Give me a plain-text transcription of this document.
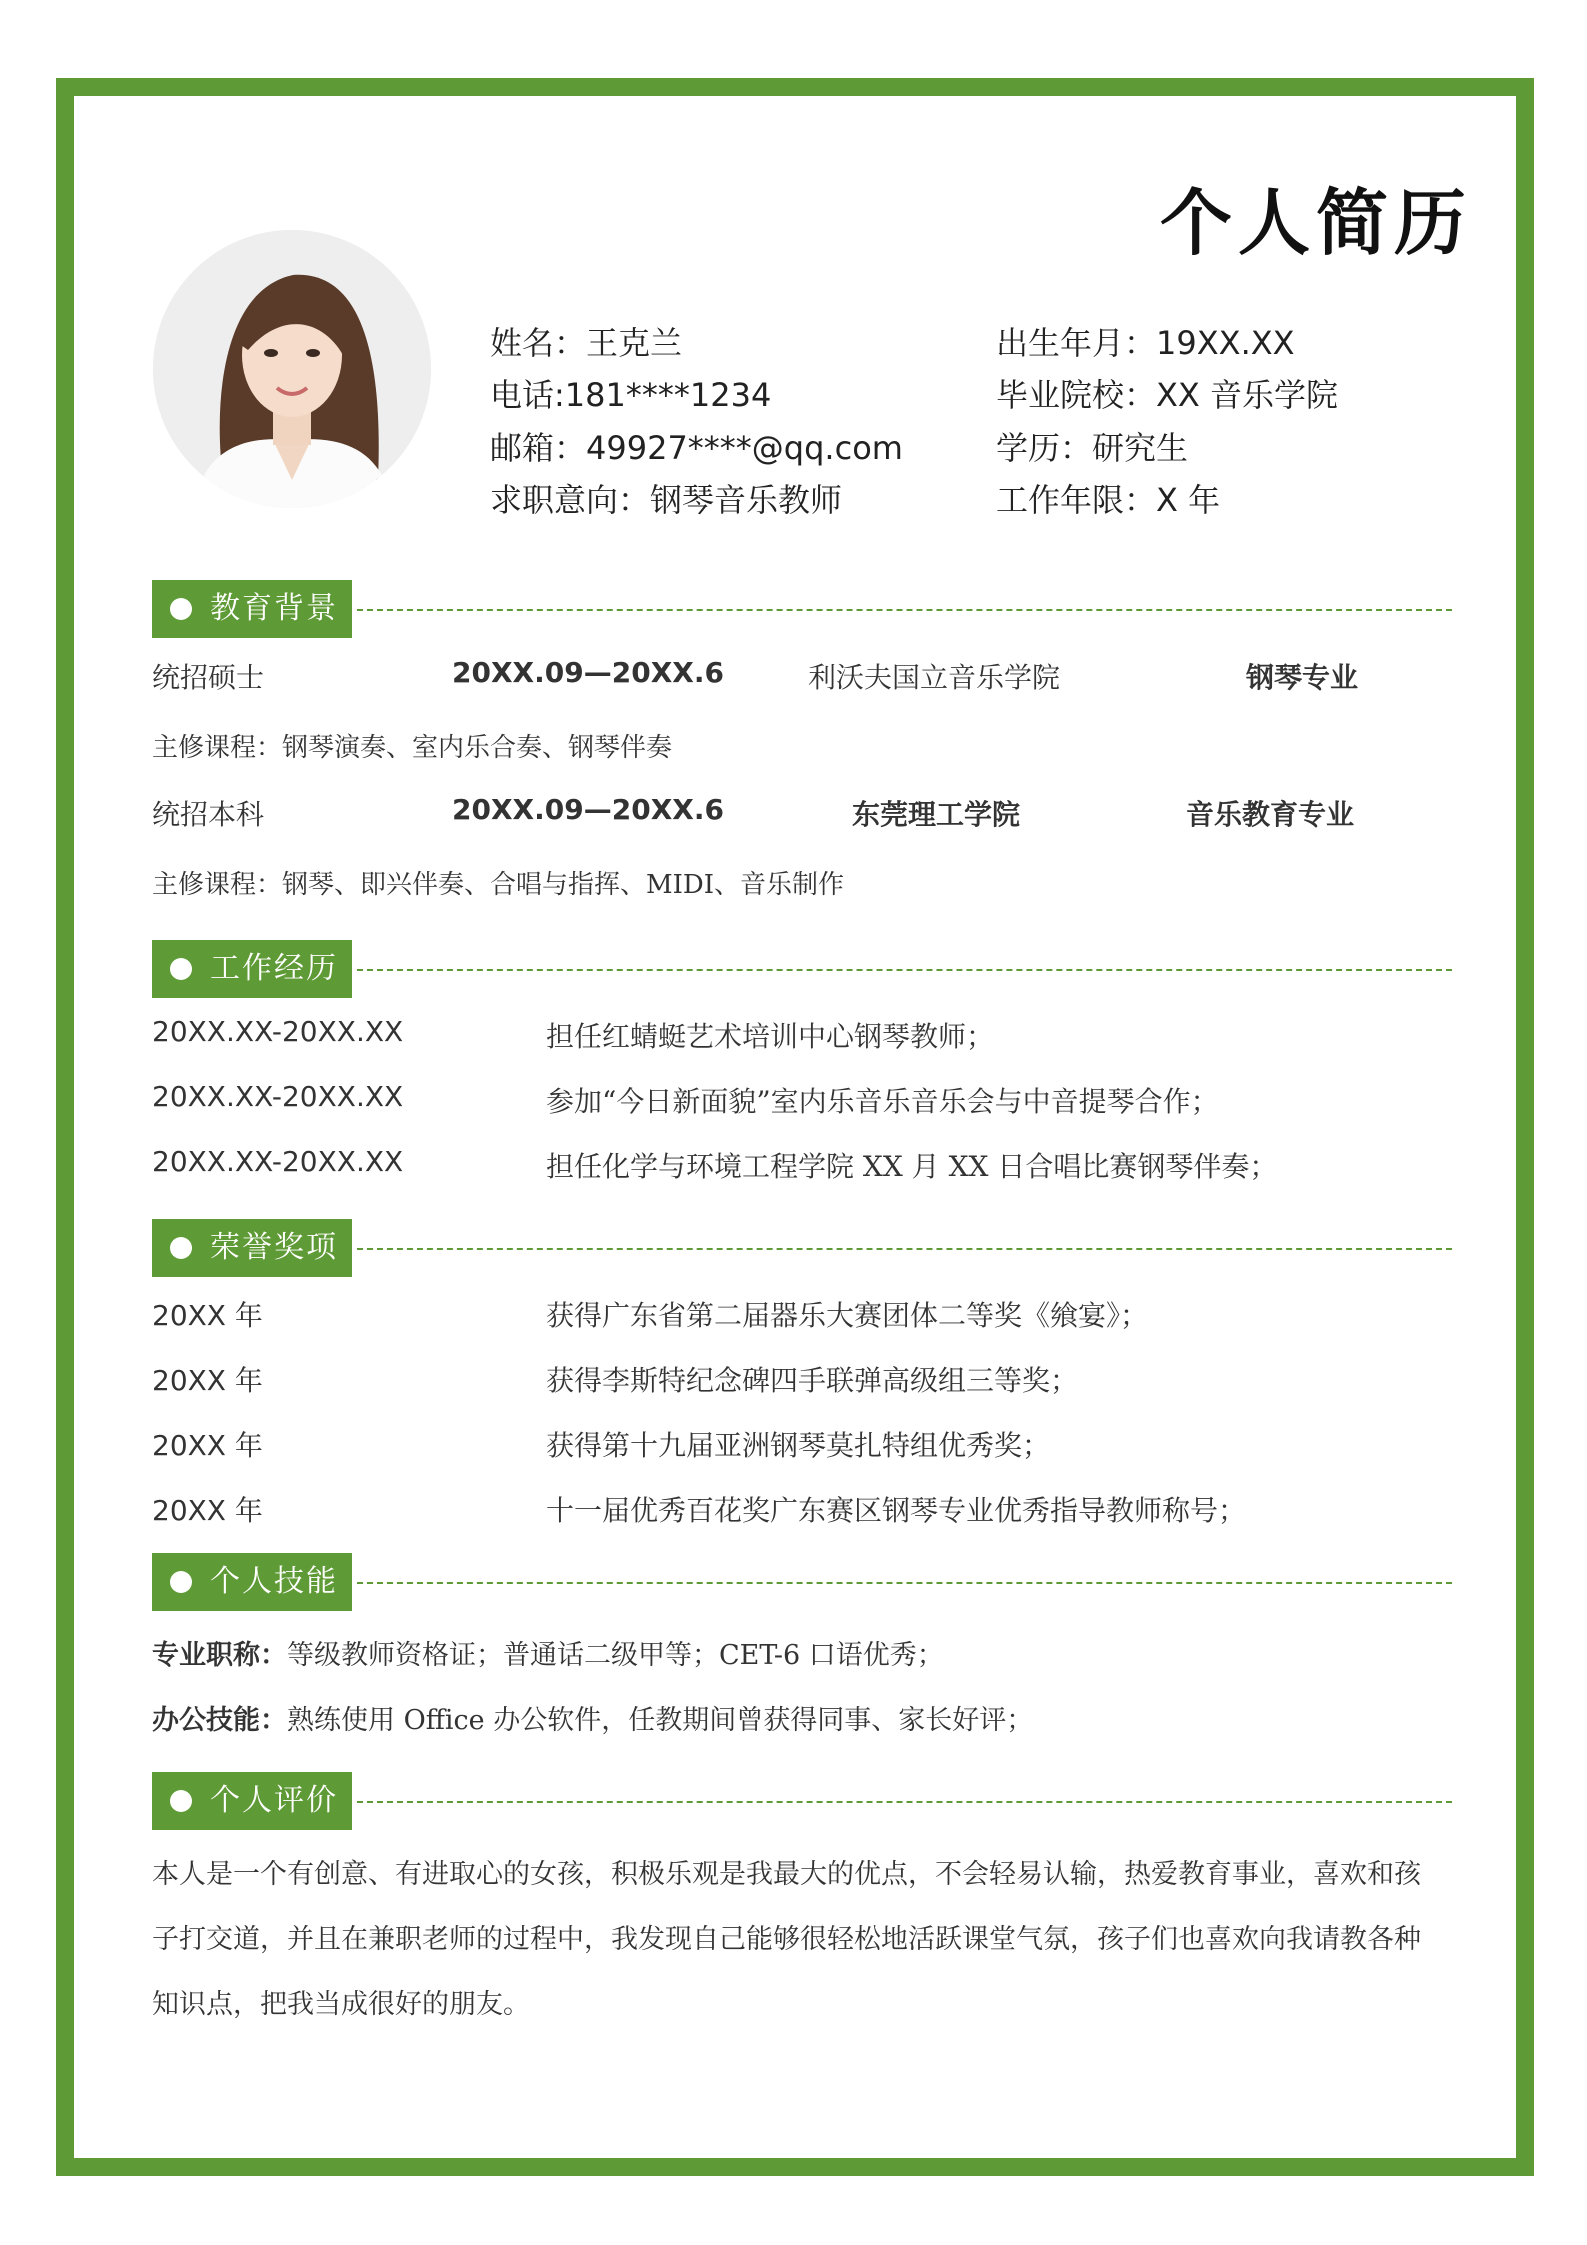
个人简历
姓名：王克兰
电话:181****1234
邮箱：49927****@qq.com
求职意向：钢琴音乐教师
出生年月：19XX.XX
毕业院校：XX 音乐学院
学历：研究生
工作年限：X 年
教育背景
统招硕士	20XX.09—20XX.6	利沃夫国立音乐学院	钢琴专业
主修课程：钢琴演奏、室内乐合奏、钢琴伴奏
统招本科	20XX.09—20XX.6	东莞理工学院	音乐教育专业
主修课程：钢琴、即兴伴奏、合唱与指挥、MIDI、音乐制作
工作经历
20XX.XX-20XX.XX	担任红蜻蜓艺术培训中心钢琴教师；
20XX.XX-20XX.XX	参加“今日新面貌”室内乐音乐音乐会与中音提琴合作；
20XX.XX-20XX.XX	担任化学与环境工程学院 XX 月 XX 日合唱比赛钢琴伴奏；
荣誉奖项
20XX 年	获得广东省第二届器乐大赛团体二等奖《飨宴》；
20XX 年	获得李斯特纪念碑四手联弹高级组三等奖；
20XX 年	获得第十九届亚洲钢琴莫扎特组优秀奖；
20XX 年	十一届优秀百花奖广东赛区钢琴专业优秀指导教师称号；
个人技能
专业职称：等级教师资格证；普通话二级甲等；CET-6 口语优秀；
办公技能：熟练使用 Office 办公软件，任教期间曾获得同事、家长好评；
个人评价
本人是一个有创意、有进取心的女孩，积极乐观是我最大的优点，不会轻易认输，热爱教育事业，喜欢和孩子打交道，并且在兼职老师的过程中，我发现自己能够很轻松地活跃课堂气氛，孩子们也喜欢向我请教各种知识点，把我当成很好的朋友。
